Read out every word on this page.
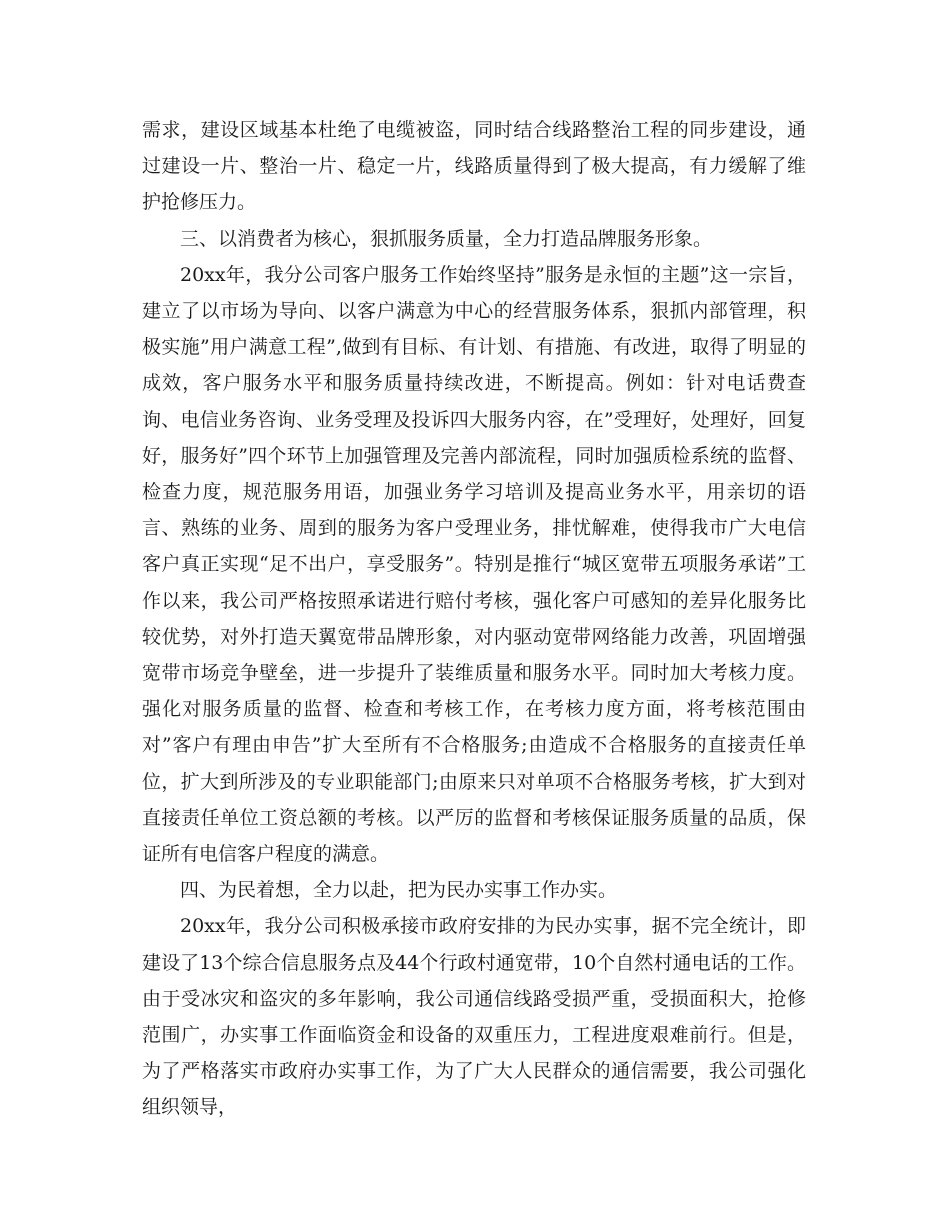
需求，建设区域基本杜绝了电缆被盗，同时结合线路整治工程的同步建设，通过建设一片、整治一片、稳定一片，线路质量得到了极大提高，有力缓解了维护抢修压力。

三、以消费者为核心，狠抓服务质量，全力打造品牌服务形象。

20xx年，我分公司客户服务工作始终坚持”服务是永恒的主题”这一宗旨，建立了以市场为导向、以客户满意为中心的经营服务体系，狠抓内部管理，积极实施”用户满意工程”,做到有目标、有计划、有措施、有改进，取得了明显的成效，客户服务水平和服务质量持续改进，不断提高。例如：针对电话费查询、电信业务咨询、业务受理及投诉四大服务内容，在”受理好，处理好，回复好，服务好”四个环节上加强管理及完善内部流程，同时加强质检系统的监督、检查力度，规范服务用语，加强业务学习培训及提高业务水平，用亲切的语言、熟练的业务、周到的服务为客户受理业务，排忧解难，使得我市广大电信客户真正实现“足不出户，享受服务”。特别是推行“城区宽带五项服务承诺”工作以来，我公司严格按照承诺进行赔付考核，强化客户可感知的差异化服务比较优势，对外打造天翼宽带品牌形象，对内驱动宽带网络能力改善，巩固增强宽带市场竞争壁垒，进一步提升了装维质量和服务水平。同时加大考核力度。强化对服务质量的监督、检查和考核工作，在考核力度方面，将考核范围由对”客户有理由申告”扩大至所有不合格服务;由造成不合格服务的直接责任单位，扩大到所涉及的专业职能部门;由原来只对单项不合格服务考核，扩大到对直接责任单位工资总额的考核。以严厉的监督和考核保证服务质量的品质，保证所有电信客户程度的满意。

四、为民着想，全力以赴，把为民办实事工作办实。

20xx年，我分公司积极承接市政府安排的为民办实事，据不完全统计，即建设了13个综合信息服务点及44个行政村通宽带，10个自然村通电话的工作。由于受冰灾和盗灾的多年影响，我公司通信线路受损严重，受损面积大，抢修范围广，办实事工作面临资金和设备的双重压力，工程进度艰难前行。但是，为了严格落实市政府办实事工作，为了广大人民群众的通信需要，我公司强化组织领导，
